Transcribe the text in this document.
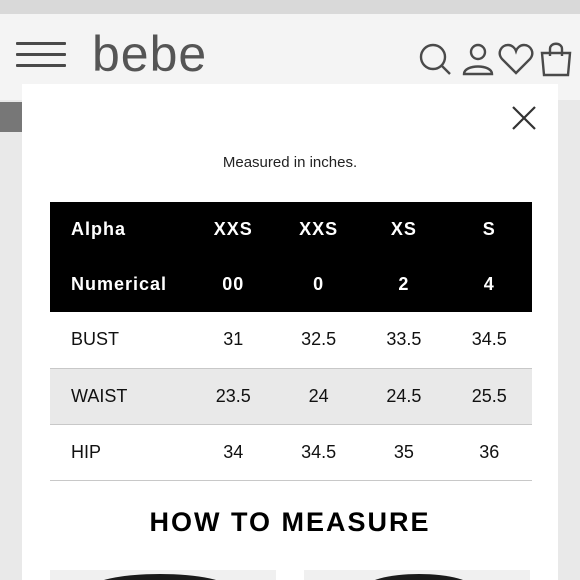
bebe
Measured in inches.
Alpha	XXS	XXS	XS	S
Numerical	00	0	2	4
BUST	31	32.5	33.5	34.5
WAIST	23.5	24	24.5	25.5
HIP	34	34.5	35	36
HOW TO MEASURE
